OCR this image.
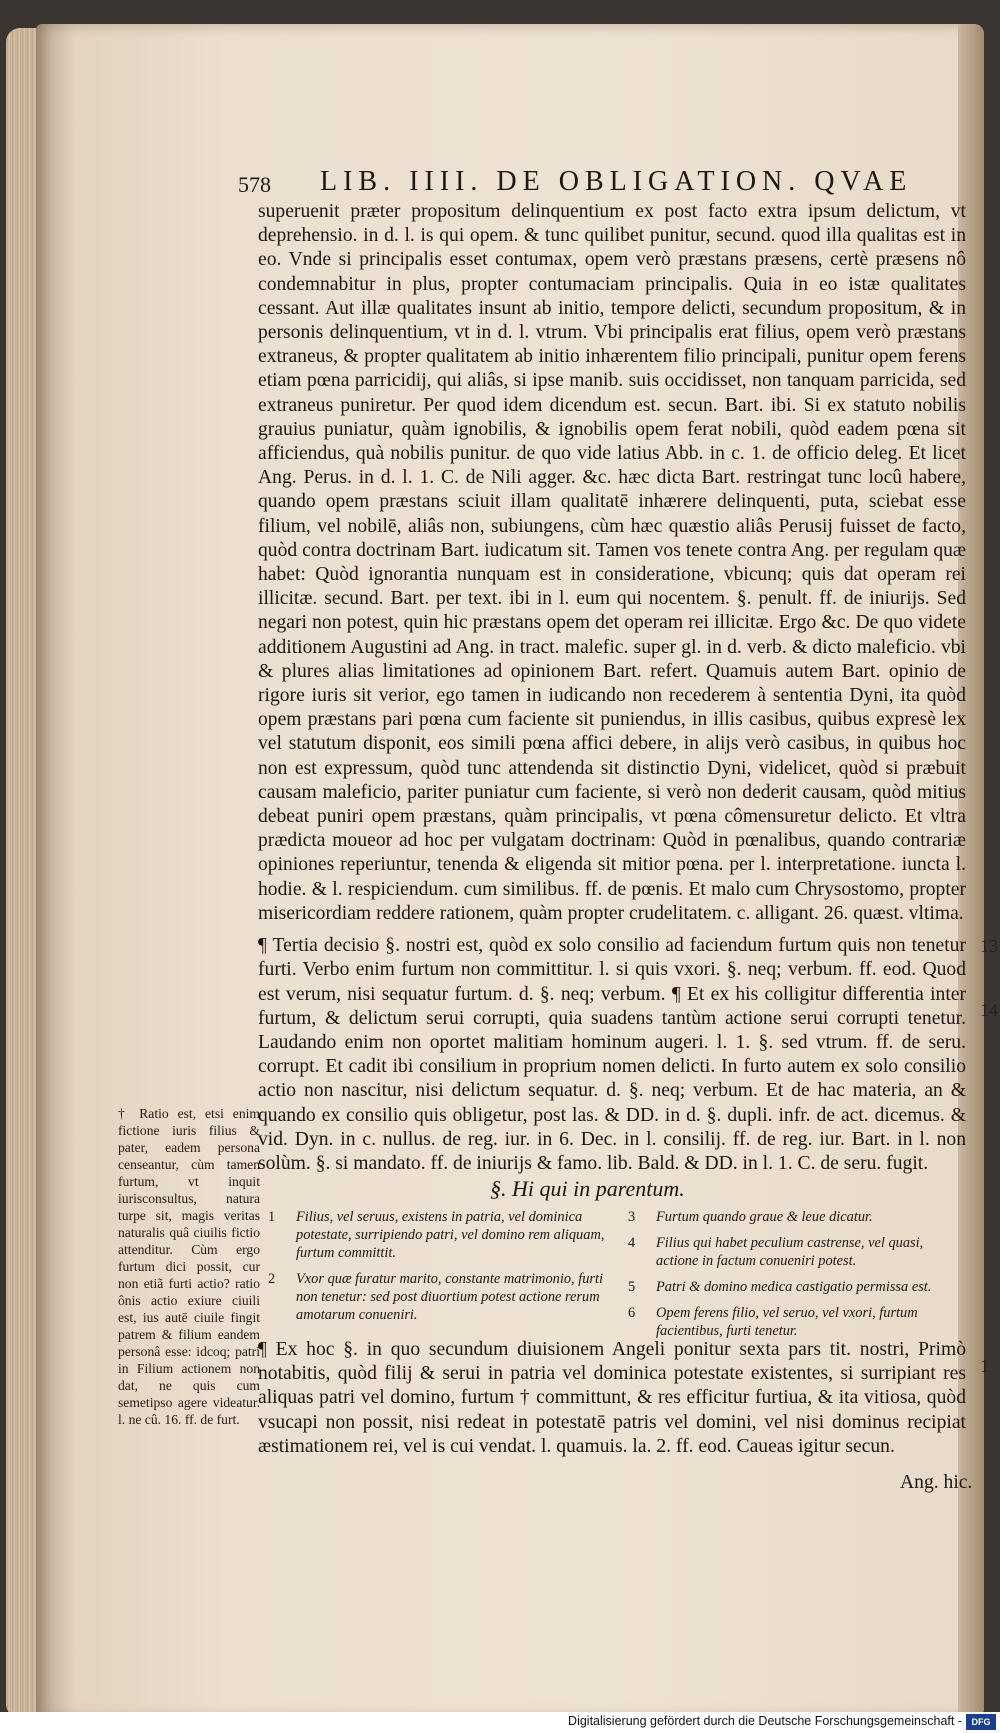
578 LIB. IIII. DE OBLIGATION. QVAE

superuenit præter propositum delinquentium ex post facto extra ipsum delictum, vt deprehensio. in d. l. is qui opem. & tunc quilibet punitur, secund. quod illa qualitas est in eo. Vnde si principalis esset contumax, opem verò præstans præsens, certè præsens nô condemnabitur in plus, propter contumaciam principalis. Quia in eo istæ qualitates cessant. Aut illæ qualitates insunt ab initio, tempore delicti, secundum propositum, & in personis delinquentium, vt in d. l. vtrum. Vbi principalis erat filius, opem verò præstans extraneus, & propter qualitatem ab initio inhærentem filio principali, punitur opem ferens etiam pœna parricidij, qui aliâs, si ipse manib. suis occidisset, non tanquam parricida, sed extraneus puniretur. Per quod idem dicendum est. secun. Bart. ibi. Si ex statuto nobilis grauius puniatur, quàm ignobilis, & ignobilis opem ferat nobili, quòd eadem pœna sit afficiendus, quà nobilis punitur. de quo vide latius Abb. in c. 1. de officio deleg. Et licet Ang. Perus. in d. l. 1. C. de Nili agger. &c. hæc dicta Bart. restringat tunc locû habere, quando opem præstans sciuit illam qualitatē inhærere delinquenti, puta, sciebat esse filium, vel nobilē, aliâs non, subiungens, cùm hæc quæstio aliâs Perusij fuisset de facto, quòd contra doctrinam Bart. iudicatum sit. Tamen vos tenete contra Ang. per regulam quæ habet: Quòd ignorantia nunquam est in consideratione, vbicunq; quis dat operam rei illicitæ. secund. Bart. per text. ibi in l. eum qui nocentem. §. penult. ff. de iniurijs. Sed negari non potest, quin hic præstans opem det operam rei illicitæ. Ergo &c. De quo videte additionem Augustini ad Ang. in tract. malefic. super gl. in d. verb. & dicto maleficio. vbi & plures alias limitationes ad opinionem Bart. refert. Quamuis autem Bart. opinio de rigore iuris sit verior, ego tamen in iudicando non recederem à sententia Dyni, ita quòd opem præstans pari pœna cum faciente sit puniendus, in illis casibus, quibus expresè lex vel statutum disponit, eos simili pœna affici debere, in alijs verò casibus, in quibus hoc non est expressum, quòd tunc attendenda sit distinctio Dyni, videlicet, quòd si præbuit causam maleficio, pariter puniatur cum faciente, si verò non dederit causam, quòd mitius debeat puniri opem præstans, quàm principalis, vt pœna cômensuretur delicto. Et vltra prædicta moueor ad hoc per vulgatam doctrinam: Quòd in pœnalibus, quando contrariæ opiniones reperiuntur, tenenda & eligenda sit mitior pœna. per l. interpretatione. iuncta l. hodie. & l. respiciendum. cum similibus. ff. de pœnis. Et malo cum Chrysostomo, propter misericordiam reddere rationem, quàm propter crudelitatem. c. alligant. 26. quæst. vltima.

¶ Tertia decisio §. nostri est, quòd ex solo consilio ad faciendum furtum quis non tenetur furti. Verbo enim furtum non committitur. l. si quis vxori. §. neq; verbum. ff. eod. Quod est verum, nisi sequatur furtum. d. §. neq; verbum. ¶ Et ex his colligitur differentia inter furtum, & delictum serui corrupti, quia suadens tantùm actione serui corrupti tenetur. Laudando enim non oportet malitiam hominum augeri. l. 1. §. sed vtrum. ff. de seru. corrupt. Et cadit ibi consilium in proprium nomen delicti. In furto autem ex solo consilio actio non nascitur, nisi delictum sequatur. d. §. neq; verbum. Et de hac materia, an & quando ex consilio quis obligetur, post las. & DD. in d. §. dupli. infr. de act. dicemus. & vid. Dyn. in c. nullus. de reg. iur. in 6. Dec. in l. consilij. ff. de reg. iur. Bart. in l. non solùm. §. si mandato. ff. de iniurijs & famo. lib. Bald. & DD. in l. 1. C. de seru. fugit.

13
14
1
† Ratio est, etsi enim fictione iuris filius & pater, eadem persona censeantur, cùm tamen furtum, vt inquit iurisconsultus, natura turpe sit, magis veritas naturalis quâ ciuilis fictio attenditur. Cùm ergo furtum dici possit, cur non etiã furti actio? ratio ônis actio exiure ciuili est, ius autē ciuile fingit patrem & filium eandem personâ esse: idcoq; patri in Filium actionem non dat, ne quis cum semetipso agere videatur. l. ne cû. 16. ff. de furt.
§. Hi qui in parentum.
1 Filius, vel seruus, existens in patria, vel dominica potestate, surripiendo patri, vel domino rem aliquam, furtum committit.
2 Vxor quæ furatur marito, constante matrimonio, furti non tenetur: sed post diuortium potest actione rerum amotarum conueniri.
3 Furtum quando graue & leue dicatur.
4 Filius qui habet peculium castrense, vel quasi, actione in factum conueniri potest.
5 Patri & domino medica castigatio permissa est.
6 Opem ferens filio, vel seruo, vel vxori, furtum facientibus, furti tenetur.
¶ Ex hoc §. in quo secundum diuisionem Angeli ponitur sexta pars tit. nostri, Primò notabitis, quòd filij & serui in patria vel dominica potestate existentes, si surripiant res aliquas patri vel domino, furtum † committunt, & res efficitur furtiua, & ita vitiosa, quòd vsucapi non possit, nisi redeat in potestatē patris vel domini, vel nisi dominus recipiat æstimationem rei, vel is cui vendat. l. quamuis. la. 2. ff. eod. Caueas igitur secun.
Ang. hic.
Digitalisierung gefördert durch die Deutsche Forschungsgemeinschaft -	DFG
